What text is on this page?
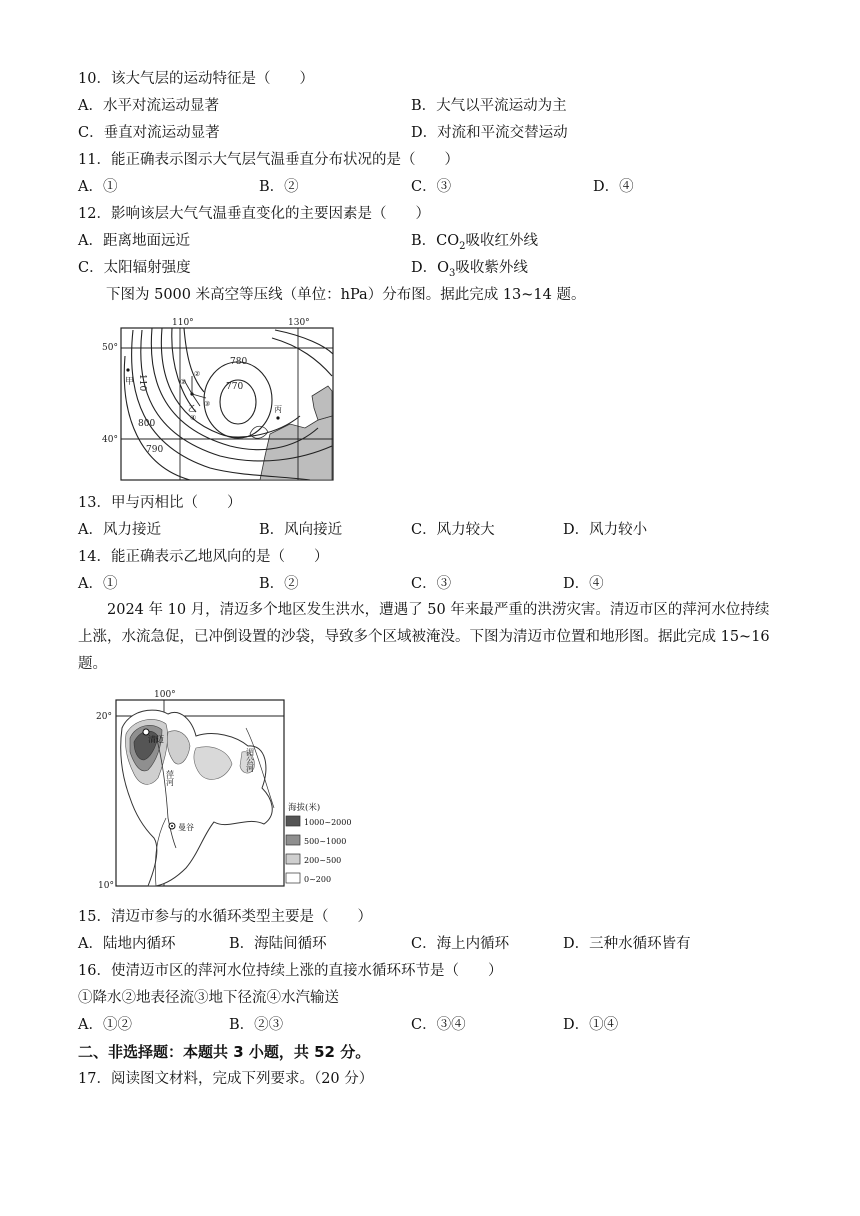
10．该大气层的运动特征是（　　）
A．水平对流运动显著	B．大气以平流运动为主
C．垂直对流运动显著	D．对流和平流交替运动
11．能正确表示图示大气层气温垂直分布状况的是（　　）
A．①	B．②	C．③	D．④
12．影响该层大气气温垂直变化的主要因素是（　　）
A．距离地面远近	B．$CO_2$吸收红外线
C．太阳辐射强度	D．$O_3$吸收紫外线
下图为 5000 米高空等压线（单位：hPa）分布图。据此完成 13~14 题。
110°	130°
50°
40°
780
770
800
790
110
甲
乙	丙
①
②
③
④
13．甲与丙相比（　　）
A．风力接近	B．风向接近	C．风力较大	D．风力较小
14．能正确表示乙地风向的是（　　）
A．①	B．②	C．③	D．④
2024 年 10 月，清迈多个地区发生洪水，遭遇了 50 年来最严重的洪涝灾害。清迈市区的萍河水位持续上涨，水流急促，已冲倒设置的沙袋，导致多个区域被淹没。下图为清迈市位置和地形图。据此完成 15~16 题。
清迈
曼谷
萍河
湄公河
100°
20°
10°
海拔(米)
1000~2000
500~1000
200~500
0~200
15．清迈市参与的水循环类型主要是（　　）
A．陆地内循环	B．海陆间循环	C．海上内循环	D．三种水循环皆有
16．使清迈市区的萍河水位持续上涨的直接水循环环节是（　　）
①降水②地表径流③地下径流④水汽输送
A．①②	B．②③	C．③④	D．①④
二、非选择题：本题共 3 小题，共 52 分。
17．阅读图文材料，完成下列要求。（20 分）
